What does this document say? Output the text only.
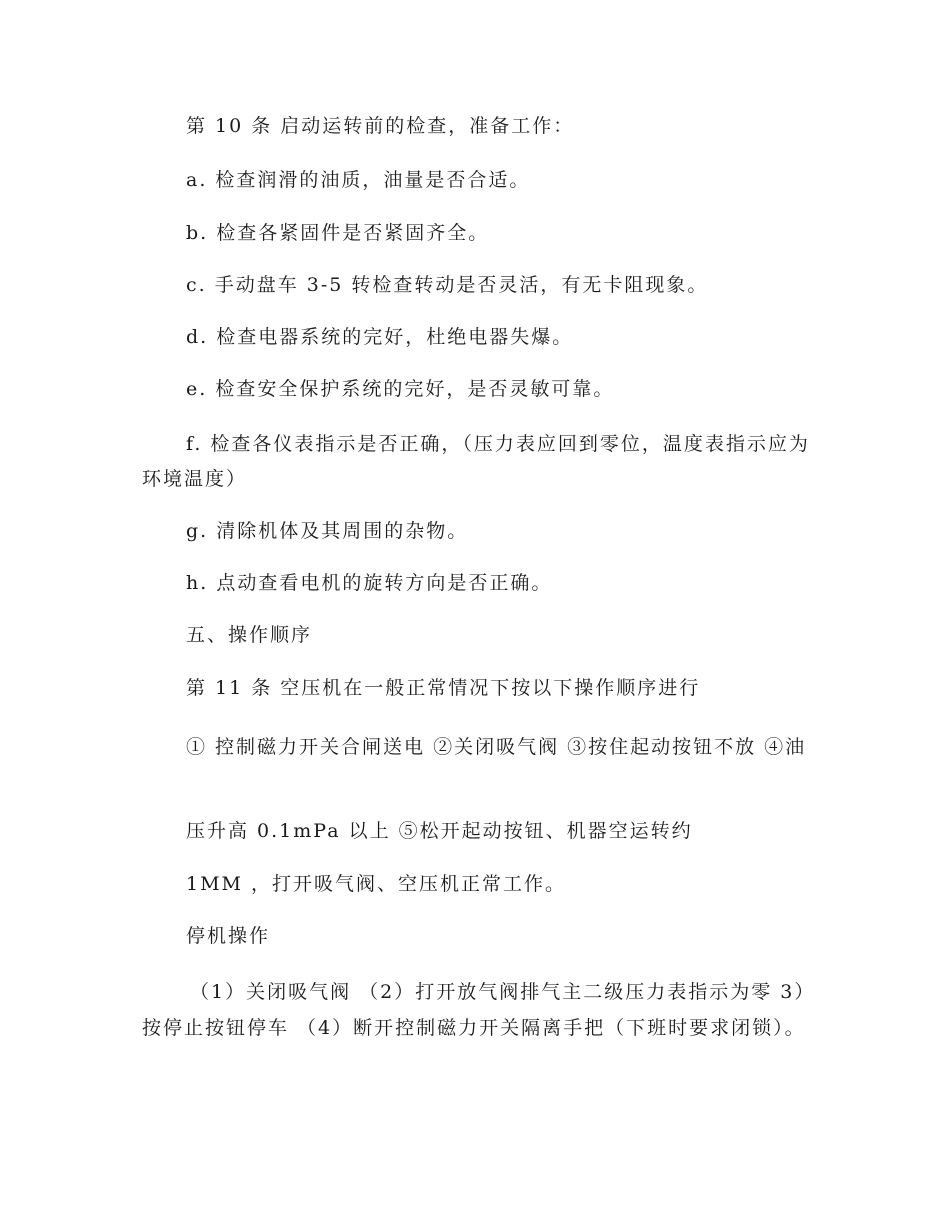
第 10 条 启动运转前的检查，准备工作：

a. 检查润滑的油质，油量是否合适。

b. 检查各紧固件是否紧固齐全。

c. 手动盘车 3-5 转检查转动是否灵活，有无卡阻现象。

d. 检查电器系统的完好，杜绝电器失爆。

e. 检查安全保护系统的完好，是否灵敏可靠。

f. 检查各仪表指示是否正确，（压力表应回到零位，温度表指示应为环境温度）

g. 清除机体及其周围的杂物。

h. 点动查看电机的旋转方向是否正确。

五、操作顺序

第 11 条 空压机在一般正常情况下按以下操作顺序进行

① 控制磁力开关合闸送电 ②关闭吸气阀 ③按住起动按钮不放 ④油

压升高 0.1mPa 以上 ⑤松开起动按钮、机器空运转约

1MM ，打开吸气阀、空压机正常工作。

停机操作

（1）关闭吸气阀 （2）打开放气阀排气主二级压力表指示为零 3）按停止按钮停车 （4）断开控制磁力开关隔离手把（下班时要求闭锁）。
